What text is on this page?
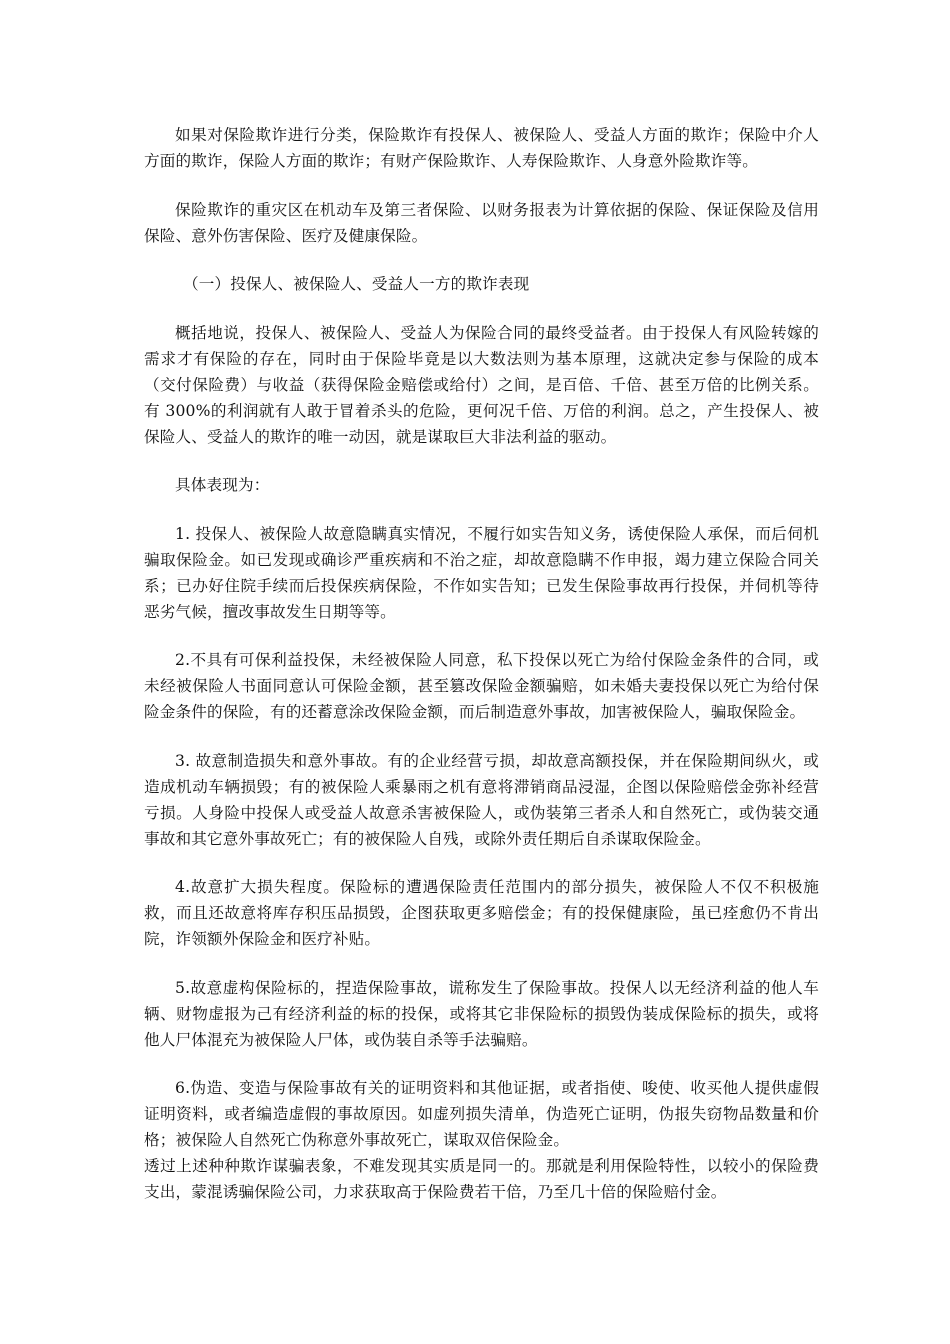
如果对保险欺诈进行分类，保险欺诈有投保人、被保险人、受益人方面的欺诈；保险中介人方面的欺诈，保险人方面的欺诈；有财产保险欺诈、人寿保险欺诈、人身意外险欺诈等。

保险欺诈的重灾区在机动车及第三者保险、以财务报表为计算依据的保险、保证保险及信用保险、意外伤害保险、医疗及健康保险。

（一）投保人、被保险人、受益人一方的欺诈表现

概括地说，投保人、被保险人、受益人为保险合同的最终受益者。由于投保人有风险转嫁的需求才有保险的存在，同时由于保险毕竟是以大数法则为基本原理，这就决定参与保险的成本（交付保险费）与收益（获得保险金赔偿或给付）之间，是百倍、千倍、甚至万倍的比例关系。有 300%的利润就有人敢于冒着杀头的危险，更何况千倍、万倍的利润。总之，产生投保人、被保险人、受益人的欺诈的唯一动因，就是谋取巨大非法利益的驱动。

具体表现为：

1. 投保人、被保险人故意隐瞒真实情况，不履行如实告知义务，诱使保险人承保，而后伺机骗取保险金。如已发现或确诊严重疾病和不治之症，却故意隐瞒不作申报，竭力建立保险合同关系；已办好住院手续而后投保疾病保险，不作如实告知；已发生保险事故再行投保，并伺机等待恶劣气候，擅改事故发生日期等等。

2.不具有可保利益投保，未经被保险人同意，私下投保以死亡为给付保险金条件的合同，或未经被保险人书面同意认可保险金额，甚至篡改保险金额骗赔，如未婚夫妻投保以死亡为给付保险金条件的保险，有的还蓄意涂改保险金额，而后制造意外事故，加害被保险人，骗取保险金。

3. 故意制造损失和意外事故。有的企业经营亏损，却故意高额投保，并在保险期间纵火，或造成机动车辆损毁；有的被保险人乘暴雨之机有意将滞销商品浸湿，企图以保险赔偿金弥补经营亏损。人身险中投保人或受益人故意杀害被保险人，或伪装第三者杀人和自然死亡，或伪装交通事故和其它意外事故死亡；有的被保险人自残，或除外责任期后自杀谋取保险金。

4.故意扩大损失程度。保险标的遭遇保险责任范围内的部分损失，被保险人不仅不积极施救，而且还故意将库存积压品损毁，企图获取更多赔偿金；有的投保健康险，虽已痊愈仍不肯出院，诈领额外保险金和医疗补贴。

5.故意虚构保险标的，捏造保险事故，谎称发生了保险事故。投保人以无经济利益的他人车辆、财物虚报为己有经济利益的标的投保，或将其它非保险标的损毁伪装成保险标的损失，或将他人尸体混充为被保险人尸体，或伪装自杀等手法骗赔。

6.伪造、变造与保险事故有关的证明资料和其他证据，或者指使、唆使、收买他人提供虚假证明资料，或者编造虚假的事故原因。如虚列损失清单，伪造死亡证明，伪报失窃物品数量和价格；被保险人自然死亡伪称意外事故死亡，谋取双倍保险金。

透过上述种种欺诈谋骗表象，不难发现其实质是同一的。那就是利用保险特性，以较小的保险费支出，蒙混诱骗保险公司，力求获取高于保险费若干倍，乃至几十倍的保险赔付金。
